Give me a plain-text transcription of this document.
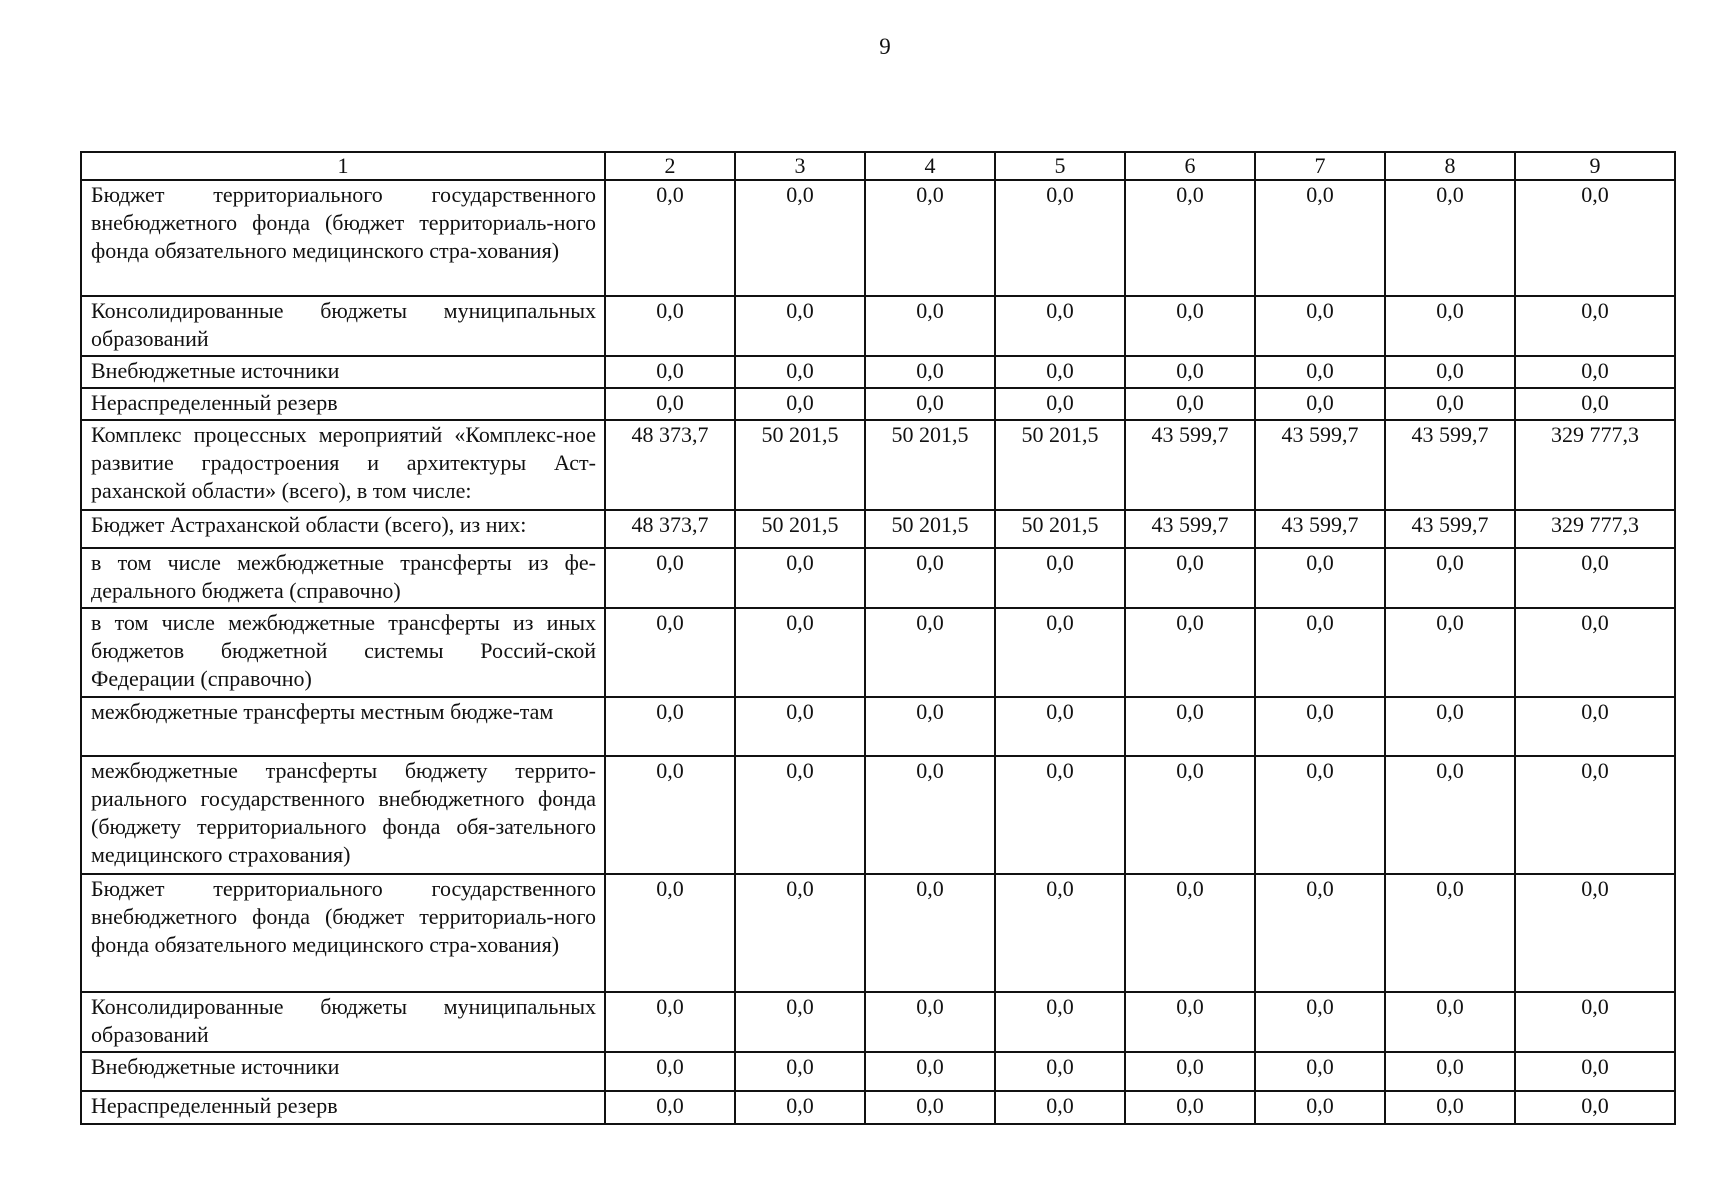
9
1	2	3	4	5	6	7	8	9
Бюджет территориального государственного внебюджетного фонда (бюджет территориаль-ного фонда обязательного медицинского стра-хования)	0,0	0,0	0,0	0,0	0,0	0,0	0,0	0,0
Консолидированные бюджеты муниципальных образований	0,0	0,0	0,0	0,0	0,0	0,0	0,0	0,0
Внебюджетные источники	0,0	0,0	0,0	0,0	0,0	0,0	0,0	0,0
Нераспределенный резерв	0,0	0,0	0,0	0,0	0,0	0,0	0,0	0,0
Комплекс процессных мероприятий «Комплекс-ное развитие градостроения и архитектуры Аст-раханской области» (всего), в том числе:	48 373,7	50 201,5	50 201,5	50 201,5	43 599,7	43 599,7	43 599,7	329 777,3
Бюджет Астраханской области (всего), из них:	48 373,7	50 201,5	50 201,5	50 201,5	43 599,7	43 599,7	43 599,7	329 777,3
в том числе межбюджетные трансферты из фе-дерального бюджета (справочно)	0,0	0,0	0,0	0,0	0,0	0,0	0,0	0,0
в том числе межбюджетные трансферты из иных бюджетов бюджетной системы Россий-ской Федерации (справочно)	0,0	0,0	0,0	0,0	0,0	0,0	0,0	0,0
межбюджетные трансферты местным бюдже-там	0,0	0,0	0,0	0,0	0,0	0,0	0,0	0,0
межбюджетные трансферты бюджету террито-риального государственного внебюджетного фонда (бюджету территориального фонда обя-зательного медицинского страхования)	0,0	0,0	0,0	0,0	0,0	0,0	0,0	0,0
Бюджет территориального государственного внебюджетного фонда (бюджет территориаль-ного фонда обязательного медицинского стра-хования)	0,0	0,0	0,0	0,0	0,0	0,0	0,0	0,0
Консолидированные бюджеты муниципальных образований	0,0	0,0	0,0	0,0	0,0	0,0	0,0	0,0
Внебюджетные источники	0,0	0,0	0,0	0,0	0,0	0,0	0,0	0,0
Нераспределенный резерв	0,0	0,0	0,0	0,0	0,0	0,0	0,0	0,0
